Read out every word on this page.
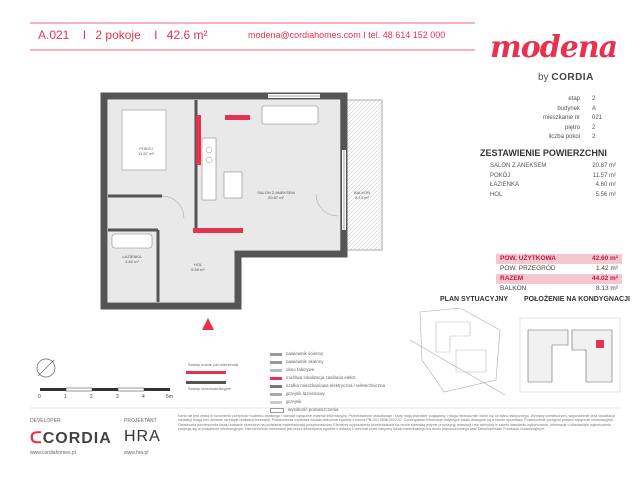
A.021 I 2 pokoje I 42.6 m²	modena@cordiahomes.com I tel. 48 614 152 000 modena
by CORDIA
etap	2
budynek	A
mieszkanie nr	021
piętro	2
liczba pokoi	2
ZESTAWIENIE POWIERZCHNI
SALON Z ANEKSEM	20.87 m²
POKÓJ	11.57 m²
ŁAZIENKA	4.60 m²
HOL	5.56 m²
POW. UŻYTKOWA	42.60 m²
POW. PRZEGRÓD	1.42 m²
RAZEM	44.02 m²
BALKON	8.13 m²
POKÓJ
11.57 m²
SALON Z ANEKSEM
20.87 m²
BALKON
8.13 m²
ŁAZIENKA
4.60 m²
HOL
5.56 m²
PLAN SYTUACYJNY POŁOŻENIE NA KONDYGNACJI
0	1	2	3	4	5m
Ściany nośne (do wierzenia)
Ściany niekonstrukcyjne
nawiewnik ścienny
nawiewnik okienny
okno fałszywe
możliwa lokalizacja zasilania elektr.
szafka mieszkaniowa elektryczna / teletechniczna
grzejnik łazienkowy
grzejnik
wysokość pomieszczenia
DEVELOPER
ᑕCORDIA
www.cordiahomes.pl
PROJEKTANT
HRA
www.hra.pl
Karta nie jest ofertą w rozumieniu przepisów Kodeksu cywilnego i stanowi wyłącznie materiał informacyjny. Przedstawione wizualizacje i rzuty mają charakter poglądowy i mogą nieznacznie różnić się od stanu faktycznego. Wymiary pomieszczeń, wyposażenie oraz lokalizacja instalacji mogą ulec zmianie na etapie realizacji inwestycji. Powierzchnia użytkowa została obliczona zgodnie z normą PN-ISO 9836:2022-07. Szczegółowe informacje dotyczące lokalu dostępne są w biurze sprzedaży. Powierzchnie przegród podano wyłącznie informacyjnie. Ostateczna powierzchnia lokalu zostanie określona na podstawie inwentaryzacji powykonawczej. Elementy wyposażenia przedstawione na rzucie stanowią jedynie propozycję aranżacji i nie wchodzą w zakres standardu wykończenia. Informacje o standardzie wykończenia znajdują się w prospekcie informacyjnym. Nieruchomość oferowana jest przez dewelopera zgodnie z ustawą o ochronie praw nabywcy lokalu mieszkalnego lub domu jednorodzinnego oraz Deweloperskim Funduszu Gwarancyjnym.
